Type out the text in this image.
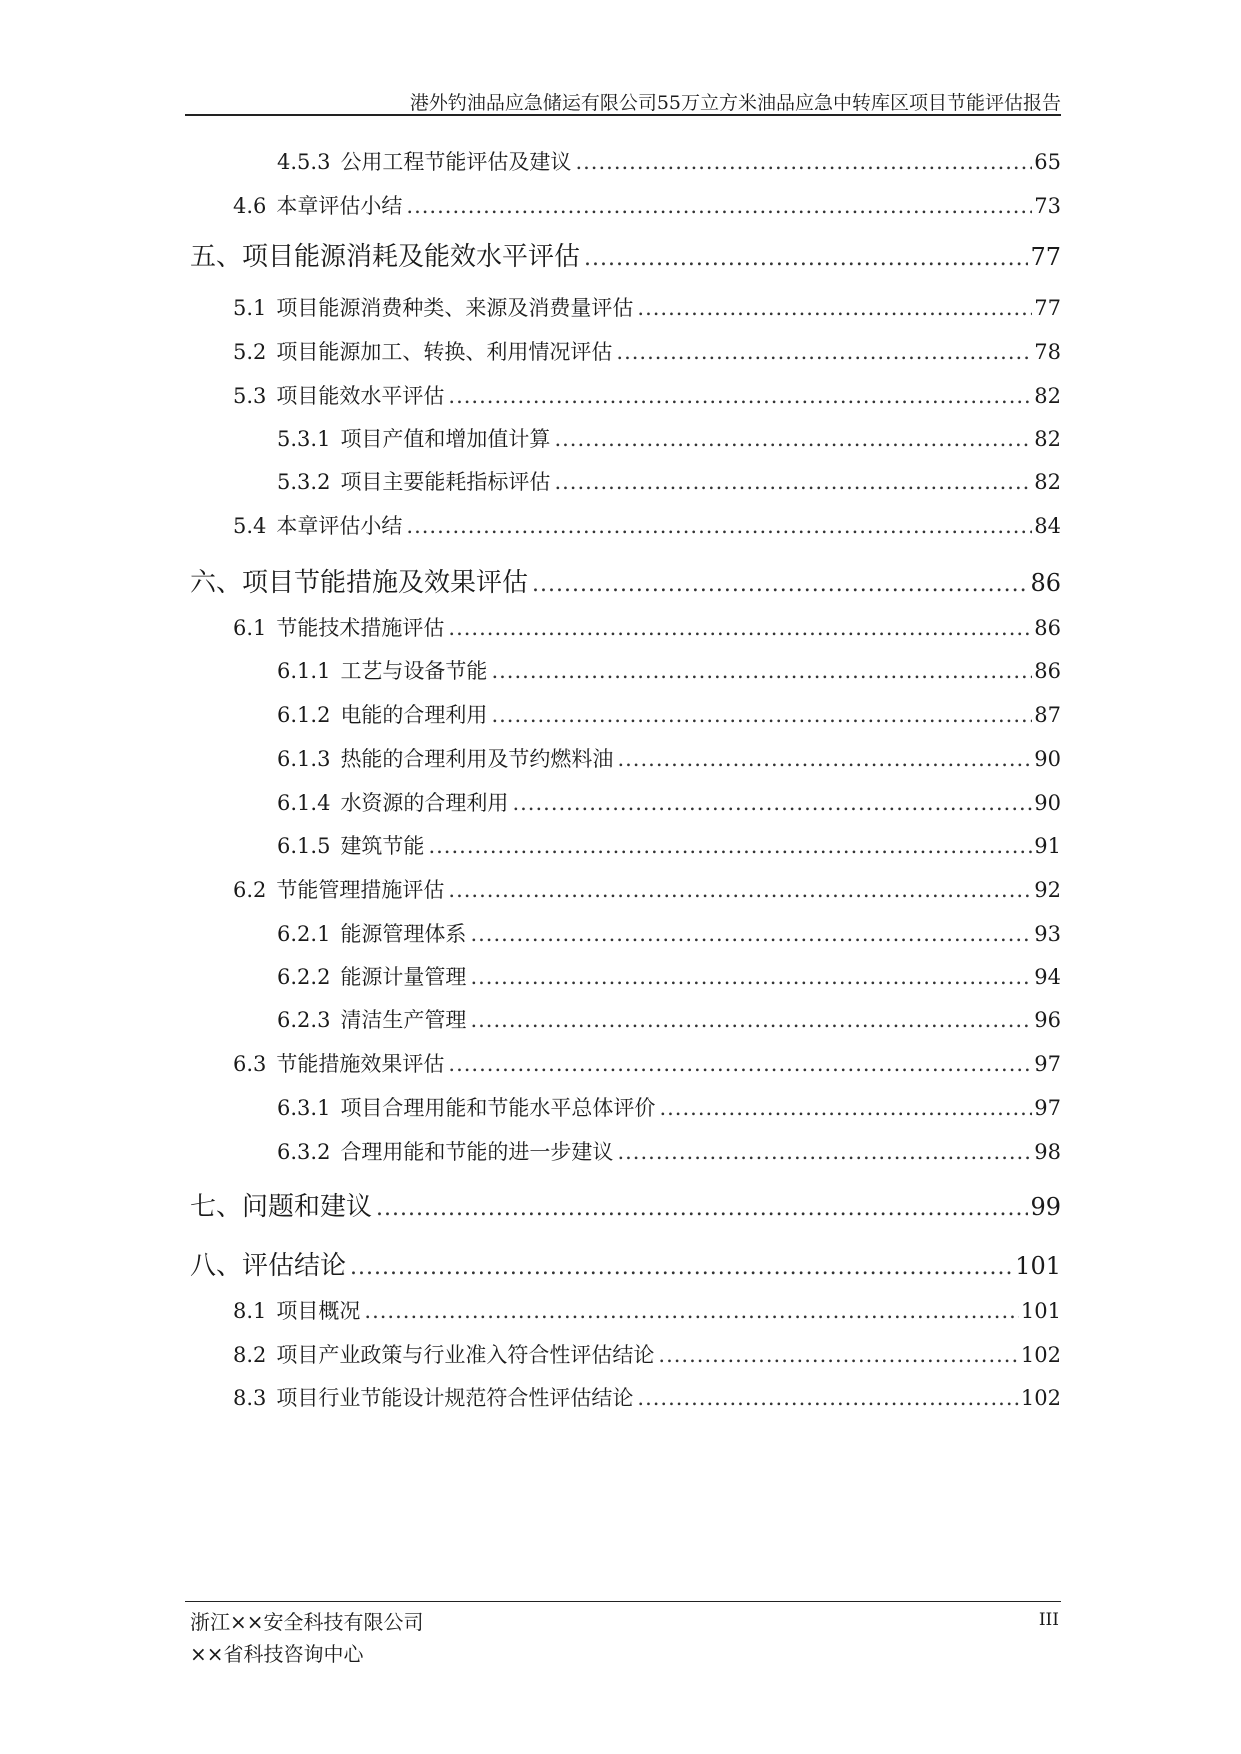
港外钓油品应急储运有限公司55万立方米油品应急中转库区项目节能评估报告
4.5.3 公用工程节能评估及建议 .....	65
4.6 本章评估小结 .....	73
五、项目能源消耗及能效水平评估 .....	77
5.1 项目能源消费种类、来源及消费量评估 .....	77
5.2 项目能源加工、转换、利用情况评估 .....	78
5.3 项目能效水平评估 .....	82
5.3.1 项目产值和增加值计算 .....	82
5.3.2 项目主要能耗指标评估 .....	82
5.4 本章评估小结 .....	84
六、项目节能措施及效果评估 .....	86
6.1 节能技术措施评估 .....	86
6.1.1 工艺与设备节能 .....	86
6.1.2 电能的合理利用 .....	87
6.1.3 热能的合理利用及节约燃料油 .....	90
6.1.4 水资源的合理利用 .....	90
6.1.5 建筑节能 .....	91
6.2 节能管理措施评估 .....	92
6.2.1 能源管理体系 .....	93
6.2.2 能源计量管理 .....	94
6.2.3 清洁生产管理 .....	96
6.3 节能措施效果评估 .....	97
6.3.1 项目合理用能和节能水平总体评价 .....	97
6.3.2 合理用能和节能的进一步建议 .....	98
七、问题和建议 .....	99
八、评估结论 .....	101
8.1 项目概况 .....	101
8.2 项目产业政策与行业准入符合性评估结论 .....	102
8.3 项目行业节能设计规范符合性评估结论 .....	102
浙江××安全科技有限公司
××省科技咨询中心
III
